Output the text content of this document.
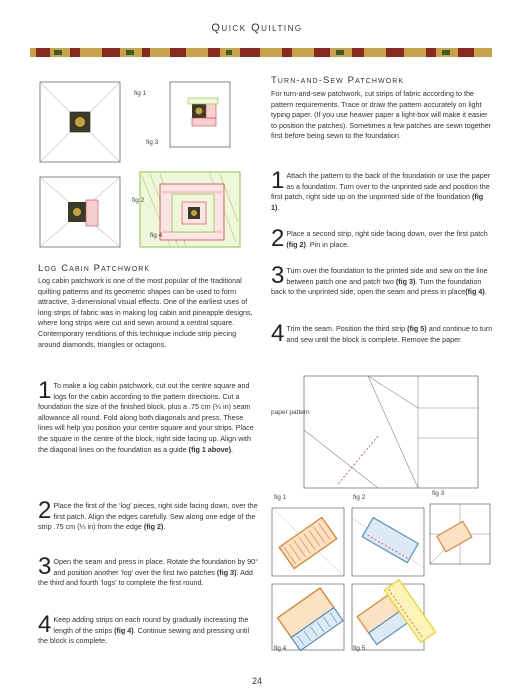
Quick Quilting
fig 1
fig 3
fig 2
fig 4
Log Cabin Patchwork
Log cabin patchwork is one of the most popular of the traditional quilting patterns and its geometric shapes can be used to form attractive, 3-dimensional visual effects. One of the earliest uses of long strips of fabric was in making log cabin and pineapple designs, where long strips were cut and sewn around a central square. Contemporary renditions of this technique include strip piecing around diamonds, triangles or octagons.
1 To make a log cabin patchwork, cut out the centre square and logs for the cabin according to the pattern directions. Cut a foundation the size of the finished block, plus a .75 cm (¼ in) seam allowance all round. Fold along both diagonals and press. These lines will help you position your centre square and your strips. Place the square in the centre of the block, right side facing up. Align with the diagonal lines on the foundation as a guide (fig 1 above).
2 Place the first of the ‘log’ pieces, right side facing down, over the first patch. Align the edges carefully. Sew along one edge of the strip .75 cm (¼ in) from the edge (fig 2).
3 Open the seam and press in place. Rotate the foundation by 90° and position another ‘log’ over the first two patches (fig 3). Add the third and fourth ‘logs’ to complete the first round.
4 Keep adding strips on each round by gradually increasing the length of the strips (fig 4). Continue sewing and pressing until the block is complete.
Turn-and-Sew Patchwork
For turn-and-sew patchwork, cut strips of fabric according to the pattern requirements. Trace or draw the pattern accurately on light typing paper. (If you use heavier paper a light-box will make it easier to position the patches). Sometimes a few patches are sewn together first before being sewn to the foundation.
1 Attach the pattern to the back of the foundation or use the paper as a foundation. Turn over to the unprinted side and position the first patch, right side up on the unprinted side of the foundation (fig 1).
2 Place a second strip, right side facing down, over the first patch (fig 2). Pin in place.
3 Turn over the foundation to the printed side and sew on the line between patch one and patch two (fig 3). Turn the foundation back to the unprinted side, open the seam and press in place(fig 4).
4 Trim the seam. Position the third strip (fig 5) and continue to turn and sew until the block is complete. Remove the paper.
paper pattern
fig 1	fig 2
fig 3
fig 4	fig 5
24
